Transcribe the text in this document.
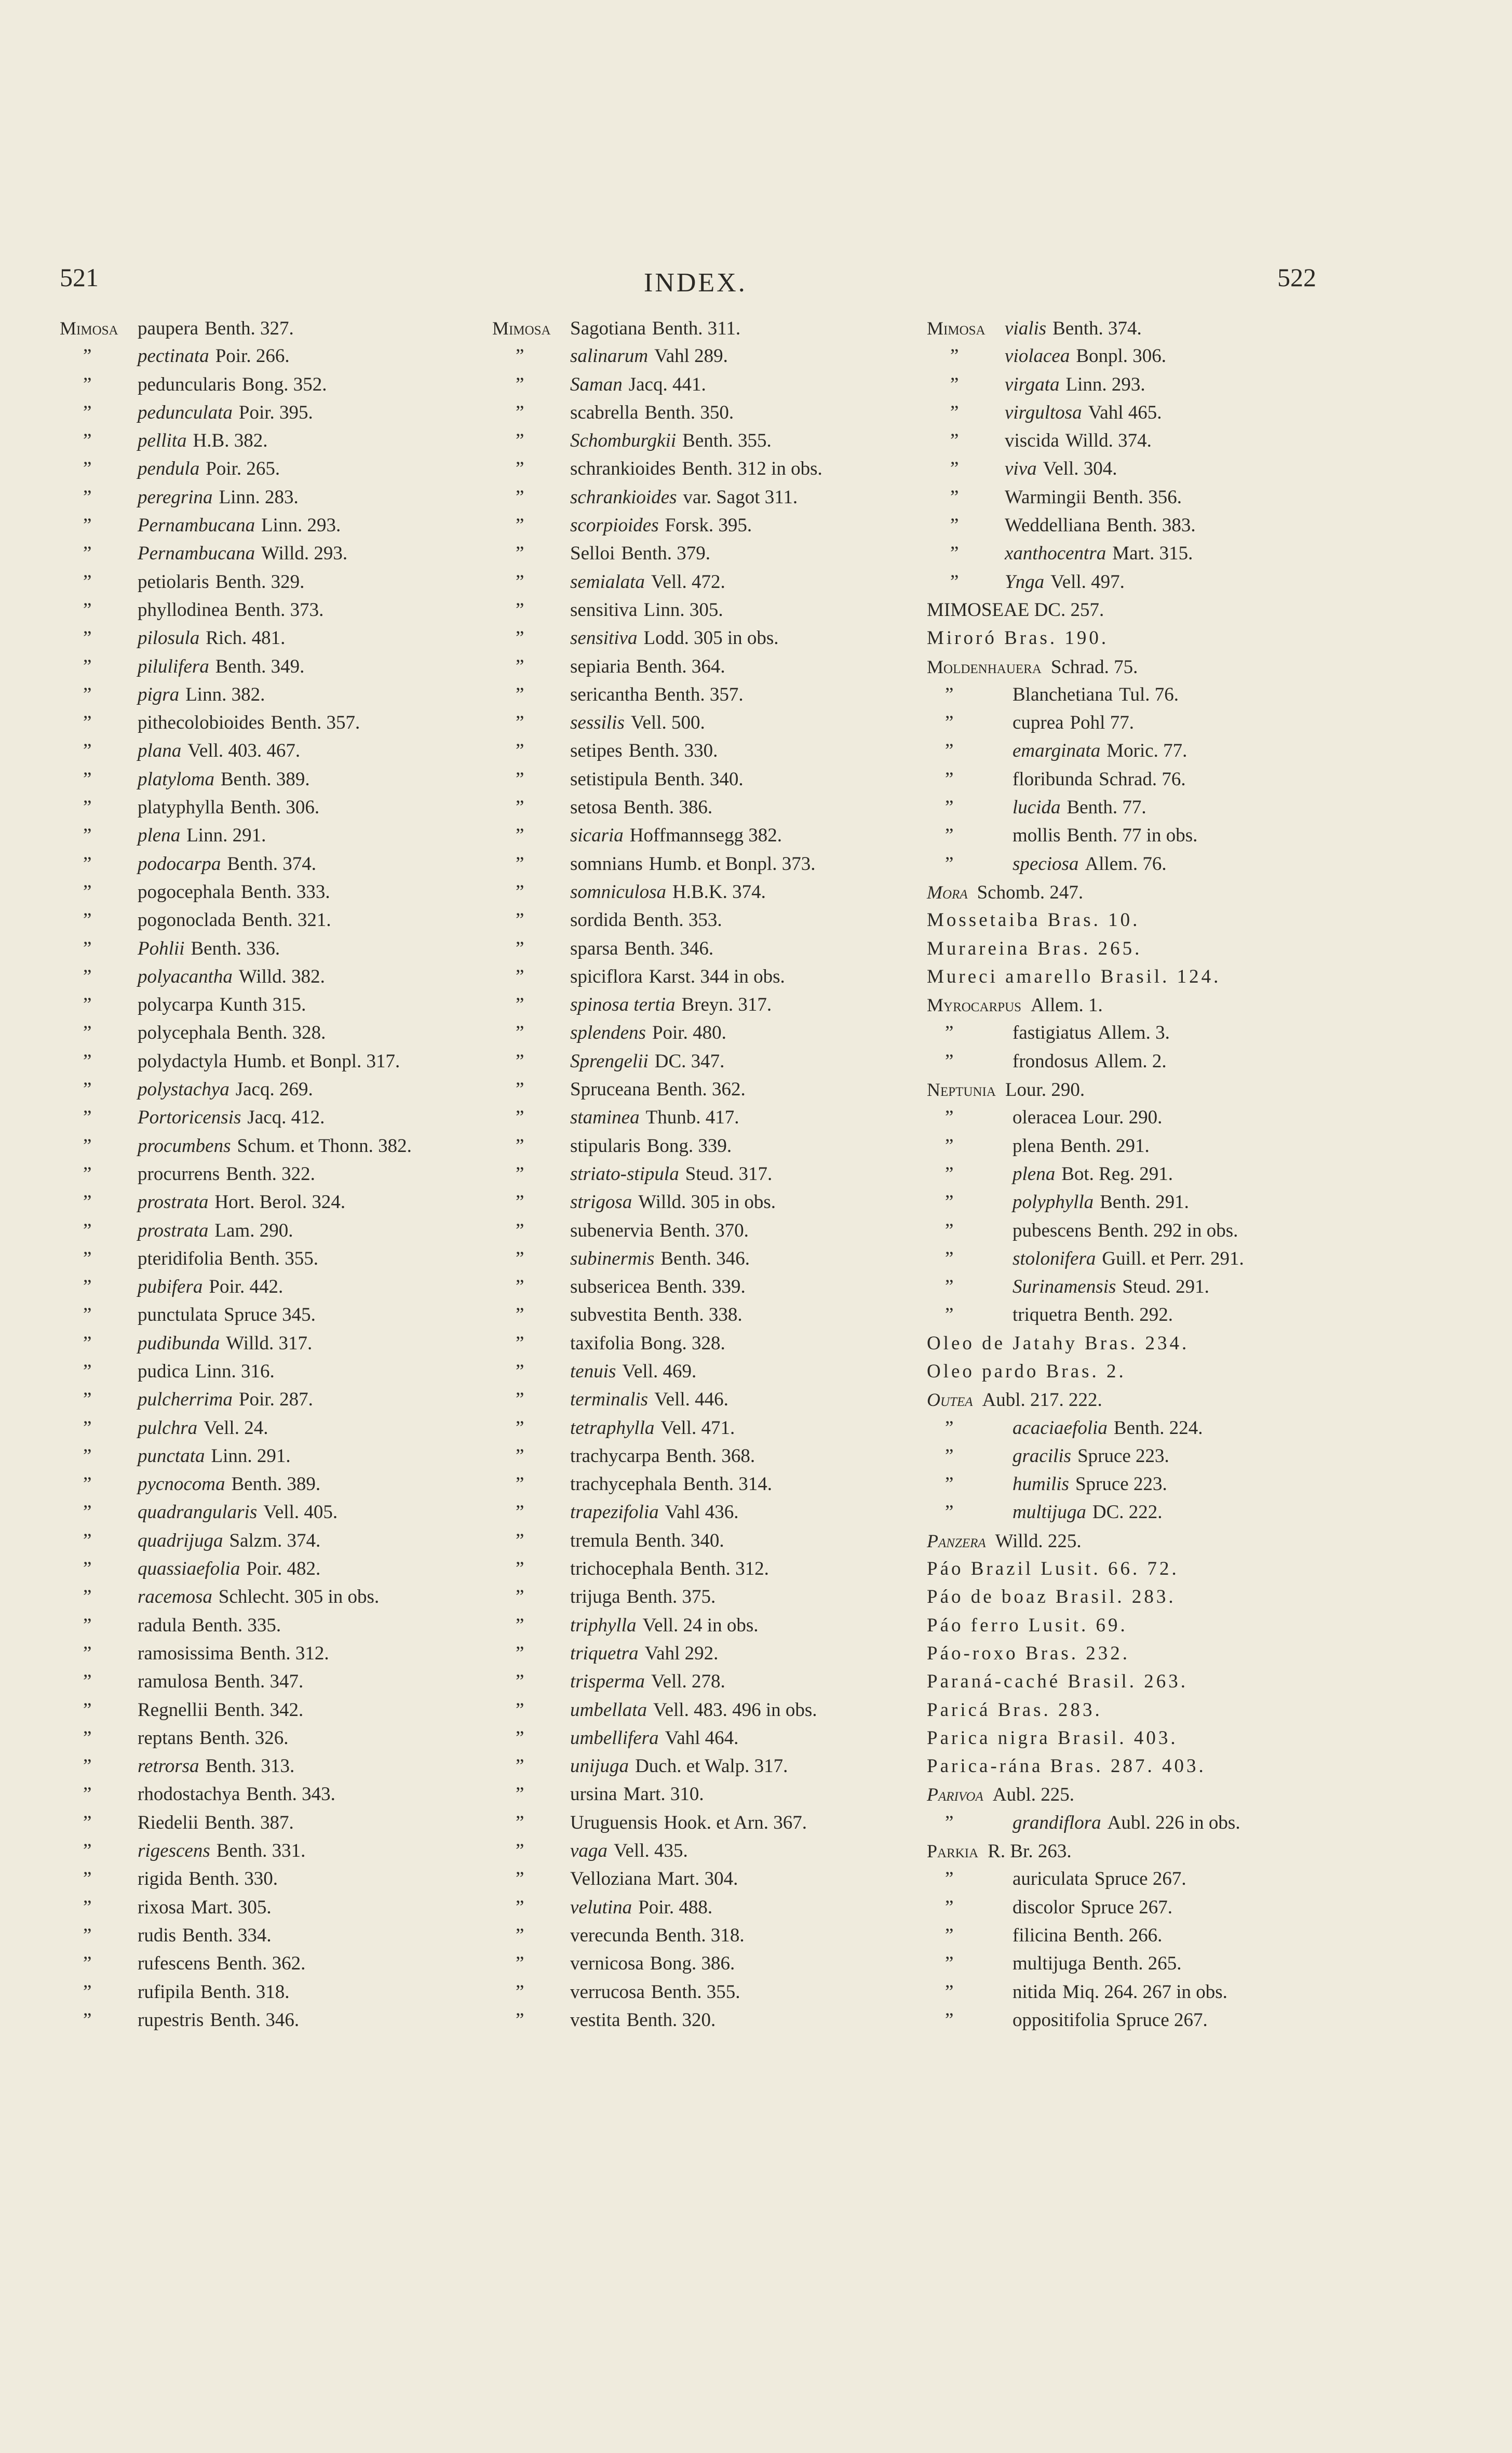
521	INDEX.	522
Mimosa paupera Benth. 327.
” pectinata Poir. 266.
” peduncularis Bong. 352.
” pedunculata Poir. 395.
” pellita H.B. 382.
” pendula Poir. 265.
” peregrina Linn. 283.
” Pernambucana Linn. 293.
” Pernambucana Willd. 293.
” petiolaris Benth. 329.
” phyllodinea Benth. 373.
” pilosula Rich. 481.
” pilulifera Benth. 349.
” pigra Linn. 382.
” pithecolobioides Benth. 357.
” plana Vell. 403. 467.
” platyloma Benth. 389.
” platyphylla Benth. 306.
” plena Linn. 291.
” podocarpa Benth. 374.
” pogocephala Benth. 333.
” pogonoclada Benth. 321.
” Pohlii Benth. 336.
” polyacantha Willd. 382.
” polycarpa Kunth 315.
” polycephala Benth. 328.
” polydactyla Humb. et Bonpl. 317.
” polystachya Jacq. 269.
” Portoricensis Jacq. 412.
” procumbens Schum. et Thonn. 382.
” procurrens Benth. 322.
” prostrata Hort. Berol. 324.
” prostrata Lam. 290.
” pteridifolia Benth. 355.
” pubifera Poir. 442.
” punctulata Spruce 345.
” pudibunda Willd. 317.
” pudica Linn. 316.
” pulcherrima Poir. 287.
” pulchra Vell. 24.
” punctata Linn. 291.
” pycnocoma Benth. 389.
” quadrangularis Vell. 405.
” quadrijuga Salzm. 374.
” quassiaefolia Poir. 482.
” racemosa Schlecht. 305 in obs.
” radula Benth. 335.
” ramosissima Benth. 312.
” ramulosa Benth. 347.
” Regnellii Benth. 342.
” reptans Benth. 326.
” retrorsa Benth. 313.
” rhodostachya Benth. 343.
” Riedelii Benth. 387.
” rigescens Benth. 331.
” rigida Benth. 330.
” rixosa Mart. 305.
” rudis Benth. 334.
” rufescens Benth. 362.
” rufipila Benth. 318.
” rupestris Benth. 346.
Mimosa Sagotiana Benth. 311.
” salinarum Vahl 289.
” Saman Jacq. 441.
” scabrella Benth. 350.
” Schomburgkii Benth. 355.
” schrankioides Benth. 312 in obs.
” schrankioides var. Sagot 311.
” scorpioides Forsk. 395.
” Selloi Benth. 379.
” semialata Vell. 472.
” sensitiva Linn. 305.
” sensitiva Lodd. 305 in obs.
” sepiaria Benth. 364.
” sericantha Benth. 357.
” sessilis Vell. 500.
” setipes Benth. 330.
” setistipula Benth. 340.
” setosa Benth. 386.
” sicaria Hoffmannsegg 382.
” somnians Humb. et Bonpl. 373.
” somniculosa H.B.K. 374.
” sordida Benth. 353.
” sparsa Benth. 346.
” spiciflora Karst. 344 in obs.
” spinosa tertia Breyn. 317.
” splendens Poir. 480.
” Sprengelii DC. 347.
” Spruceana Benth. 362.
” staminea Thunb. 417.
” stipularis Bong. 339.
” striato-stipula Steud. 317.
” strigosa Willd. 305 in obs.
” subenervia Benth. 370.
” subinermis Benth. 346.
” subsericea Benth. 339.
” subvestita Benth. 338.
” taxifolia Bong. 328.
” tenuis Vell. 469.
” terminalis Vell. 446.
” tetraphylla Vell. 471.
” trachycarpa Benth. 368.
” trachycephala Benth. 314.
” trapezifolia Vahl 436.
” tremula Benth. 340.
” trichocephala Benth. 312.
” trijuga Benth. 375.
” triphylla Vell. 24 in obs.
” triquetra Vahl 292.
” trisperma Vell. 278.
” umbellata Vell. 483. 496 in obs.
” umbellifera Vahl 464.
” unijuga Duch. et Walp. 317.
” ursina Mart. 310.
” Uruguensis Hook. et Arn. 367.
” vaga Vell. 435.
” Velloziana Mart. 304.
” velutina Poir. 488.
” verecunda Benth. 318.
” vernicosa Bong. 386.
” verrucosa Benth. 355.
” vestita Benth. 320.
Mimosa vialis Benth. 374.
” violacea Bonpl. 306.
” virgata Linn. 293.
” virgultosa Vahl 465.
” viscida Willd. 374.
” viva Vell. 304.
” Warmingii Benth. 356.
” Weddelliana Benth. 383.
” xanthocentra Mart. 315.
” Ynga Vell. 497.
MIMOSEAE DC. 257.
Miroró Bras. 190.
Moldenhauera Schrad. 75.
”	Blanchetiana Tul. 76.
”	cuprea Pohl 77.
”	emarginata Moric. 77.
”	floribunda Schrad. 76.
”	lucida Benth. 77.
”	mollis Benth. 77 in obs.
”	speciosa Allem. 76.
Mora Schomb. 247.
Mossetaiba Bras. 10.
Murareina Bras. 265.
Mureci amarello Brasil. 124.
Myrocarpus Allem. 1.
”	fastigiatus Allem. 3.
”	frondosus Allem. 2.
Neptunia Lour. 290.
”	oleracea Lour. 290.
”	plena Benth. 291.
”	plena Bot. Reg. 291.
”	polyphylla Benth. 291.
”	pubescens Benth. 292 in obs.
”	stolonifera Guill. et Perr. 291.
”	Surinamensis Steud. 291.
”	triquetra Benth. 292.
Oleo de Jatahy Bras. 234.
Oleo pardo Bras. 2.
Outea Aubl. 217. 222.
”	acaciaefolia Benth. 224.
”	gracilis Spruce 223.
”	humilis Spruce 223.
”	multijuga DC. 222.
Panzera Willd. 225.
Páo Brazil Lusit. 66. 72.
Páo de boaz Brasil. 283.
Páo ferro Lusit. 69.
Páo-roxo Bras. 232.
Paraná-caché Brasil. 263.
Paricá Bras. 283.
Parica nigra Brasil. 403.
Parica-rána Bras. 287. 403.
Parivoa Aubl. 225.
”	grandiflora Aubl. 226 in obs.
Parkia R. Br. 263.
”	auriculata Spruce 267.
”	discolor Spruce 267.
”	filicina Benth. 266.
”	multijuga Benth. 265.
”	nitida Miq. 264. 267 in obs.
”	oppositifolia Spruce 267.
